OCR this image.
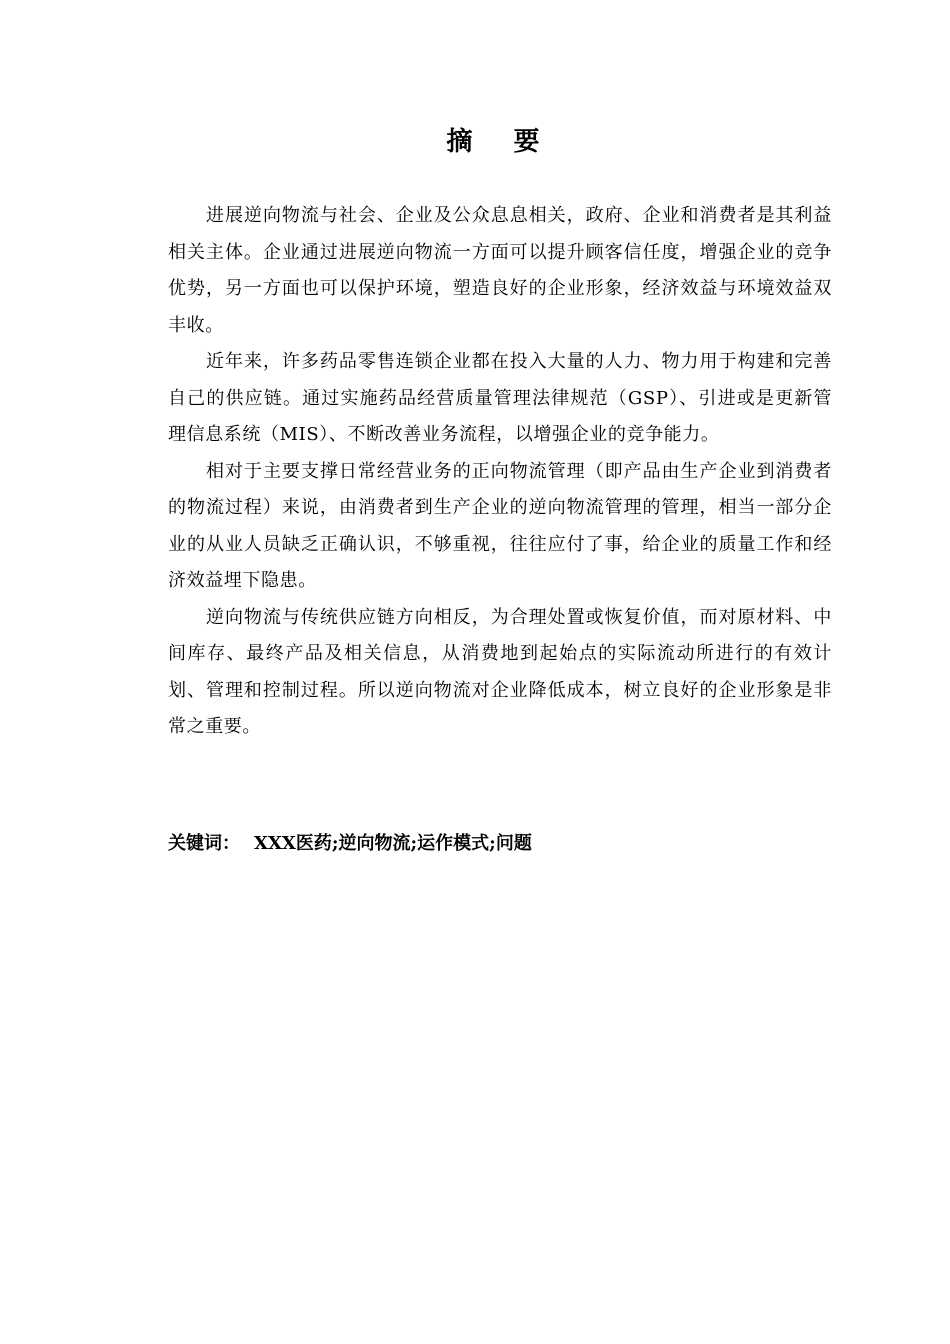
摘 要

进展逆向物流与社会、企业及公众息息相关，政府、企业和消费者是其利益相关主体。企业通过进展逆向物流一方面可以提升顾客信任度，增强企业的竞争优势，另一方面也可以保护环境，塑造良好的企业形象，经济效益与环境效益双丰收。

近年来，许多药品零售连锁企业都在投入大量的人力、物力用于构建和完善自己的供应链。通过实施药品经营质量管理法律规范（GSP）、引进或是更新管理信息系统（MIS）、不断改善业务流程，以增强企业的竞争能力。

相对于主要支撑日常经营业务的正向物流管理（即产品由生产企业到消费者的物流过程）来说，由消费者到生产企业的逆向物流管理的管理，相当一部分企业的从业人员缺乏正确认识，不够重视，往往应付了事，给企业的质量工作和经济效益埋下隐患。

逆向物流与传统供应链方向相反，为合理处置或恢复价值，而对原材料、中间库存、最终产品及相关信息，从消费地到起始点的实际流动所进行的有效计划、管理和控制过程。所以逆向物流对企业降低成本，树立良好的企业形象是非常之重要。

关键词： XXX医药;逆向物流;运作模式;问题
